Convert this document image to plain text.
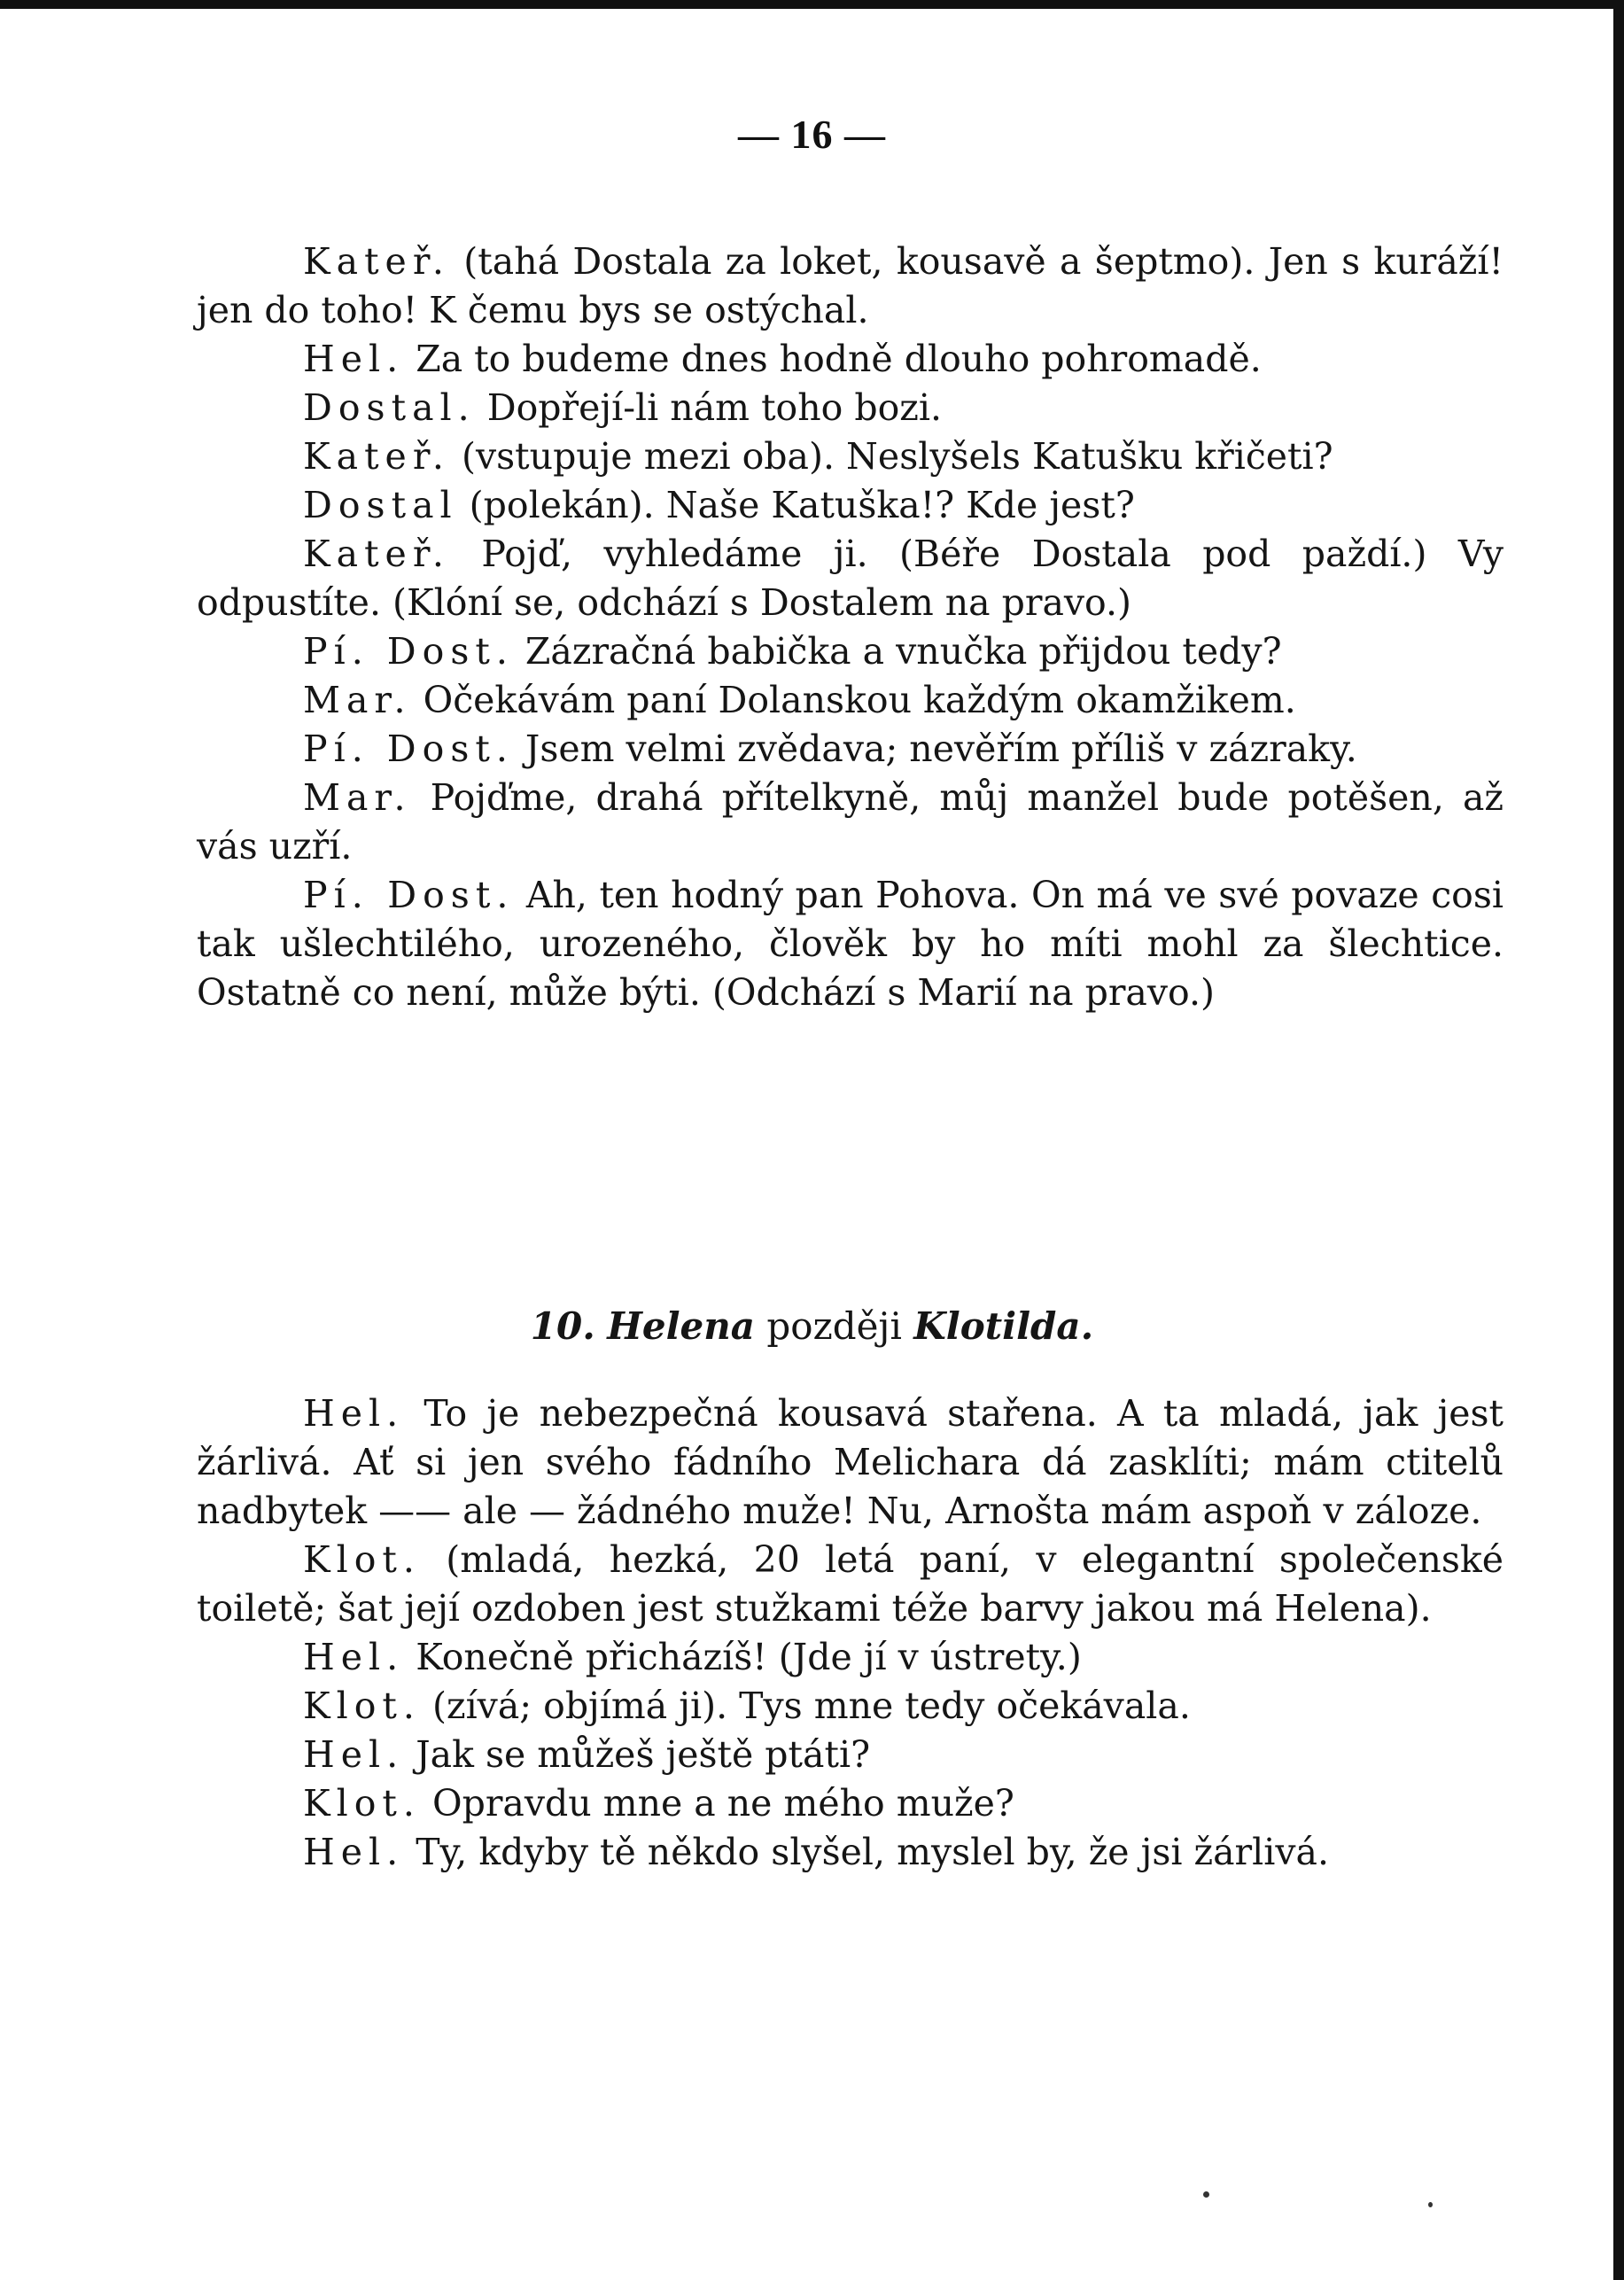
— 16 —

Kateř. (tahá Dostala za loket, kousavě a šeptmo). Jen s kuráží! jen do toho! K čemu bys se ostýchal.

Hel. Za to budeme dnes hodně dlouho pohromadě.

Dostal. Dopřejí-li nám toho bozi.

Kateř. (vstupuje mezi oba). Neslyšels Katušku křičeti?

Dostal (polekán). Naše Katuška!? Kde jest?

Kateř. Pojď, vyhledáme ji. (Béře Dostala pod paždí.) Vy odpustíte. (Klóní se, odchází s Dostalem na pravo.)

Pí. Dost. Zázračná babička a vnučka přijdou tedy?

Mar. Očekávám paní Dolanskou každým okamžikem.

Pí. Dost. Jsem velmi zvědava; nevěřím příliš v zázraky.

Mar. Pojďme, drahá přítelkyně, můj manžel bude potěšen, až vás uzří.

Pí. Dost. Ah, ten hodný pan Pohova. On má ve své povaze cosi tak ušlechtilého, urozeného, člověk by ho míti mohl za šlechtice. Ostatně co není, může býti. (Odchází s Marií na pravo.)

10. Helena později Klotilda.

Hel. To je nebezpečná kousavá stařena. A ta mladá, jak jest žárlivá. Ať si jen svého fádního Melichara dá zasklíti; mám ctitelů nadbytek —— ale — žádného muže! Nu, Arnošta mám aspoň v záloze.

Klot. (mladá, hezká, 20 letá paní, v elegantní společenské toiletě; šat její ozdoben jest stužkami téže barvy jakou má Helena).

Hel. Konečně přicházíš! (Jde jí v ústrety.)

Klot. (zívá; objímá ji). Tys mne tedy očekávala.

Hel. Jak se můžeš ještě ptáti?

Klot. Opravdu mne a ne mého muže?

Hel. Ty, kdyby tě někdo slyšel, myslel by, že jsi žárlivá.
